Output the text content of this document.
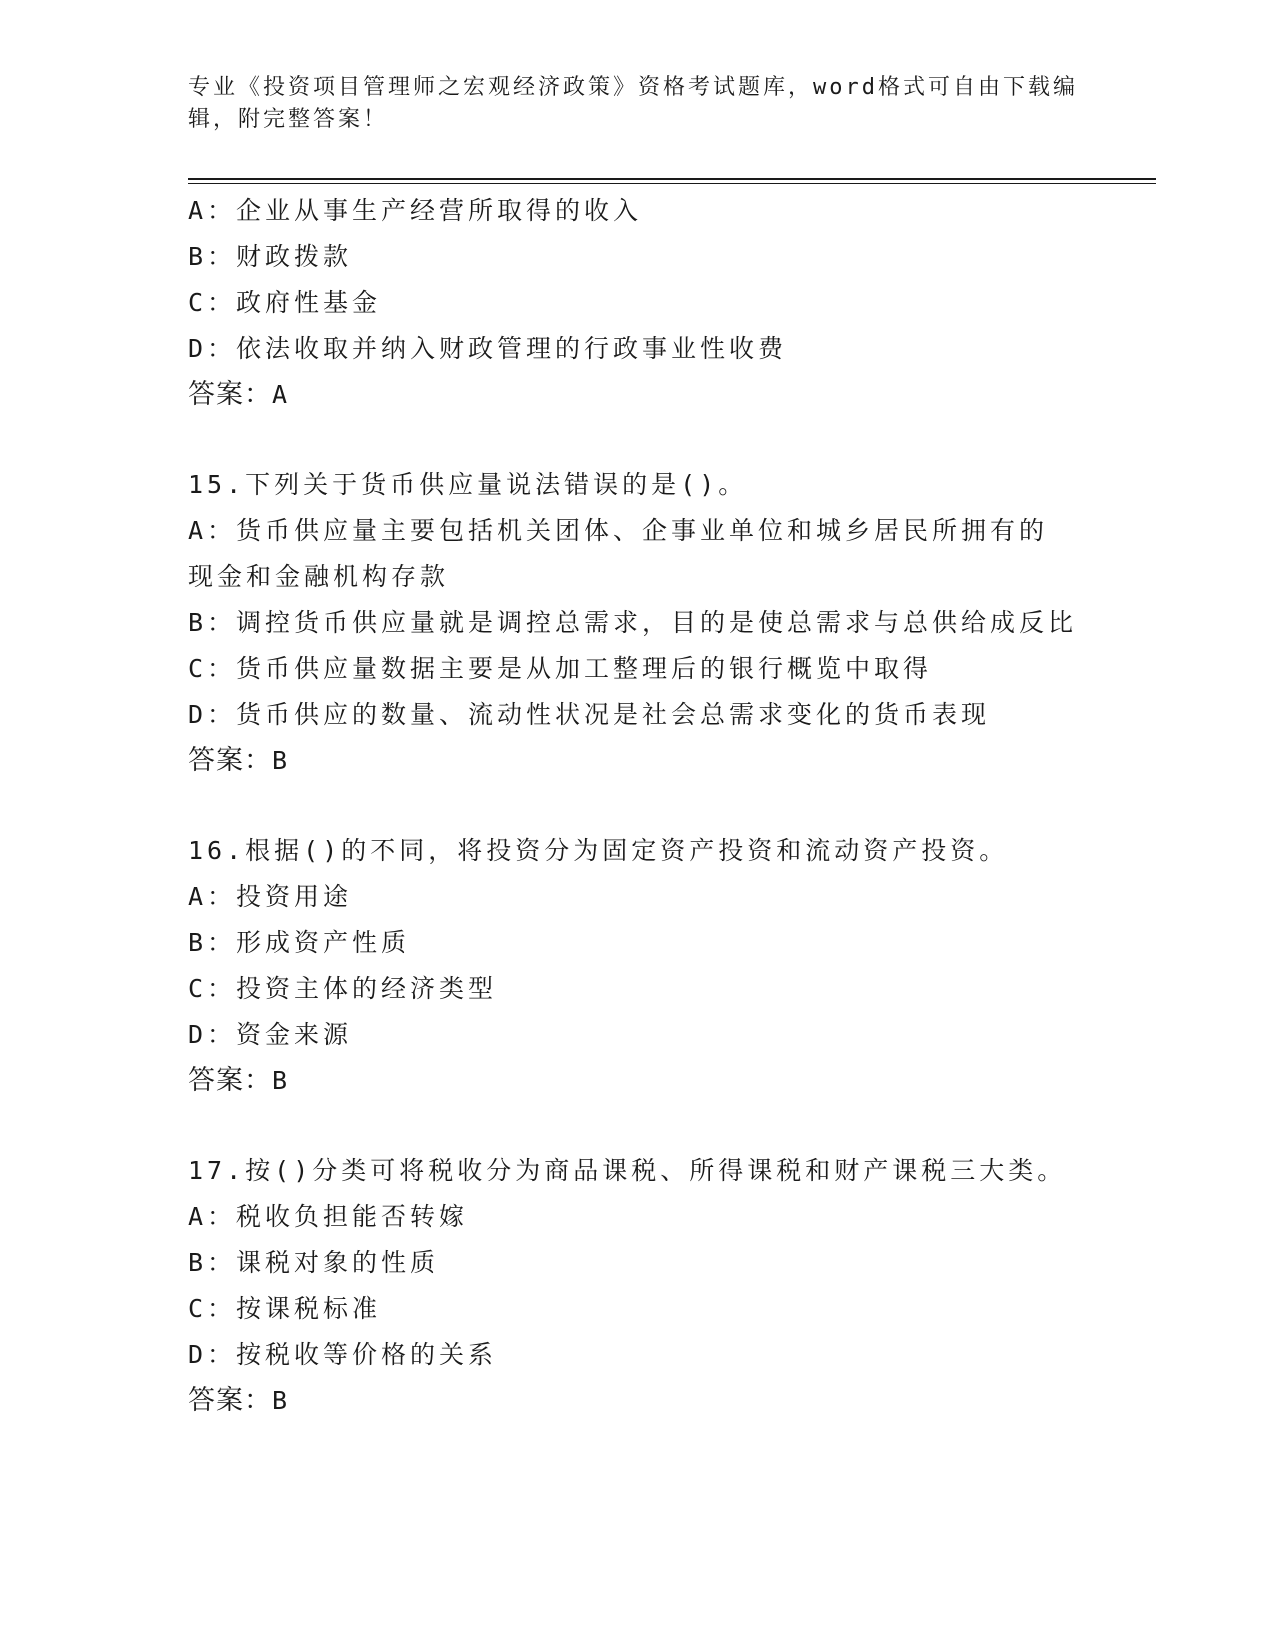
专业《投资项目管理师之宏观经济政策》资格考试题库，word格式可自由下载编辑，附完整答案！
A：企业从事生产经营所取得的收入
B：财政拨款
C：政府性基金
D：依法收取并纳入财政管理的行政事业性收费
答案：A
15.下列关于货币供应量说法错误的是()。
A：货币供应量主要包括机关团体、企事业单位和城乡居民所拥有的现金和金融机构存款
B：调控货币供应量就是调控总需求，目的是使总需求与总供给成反比
C：货币供应量数据主要是从加工整理后的银行概览中取得
D：货币供应的数量、流动性状况是社会总需求变化的货币表现
答案：B
16.根据()的不同，将投资分为固定资产投资和流动资产投资。
A：投资用途
B：形成资产性质
C：投资主体的经济类型
D：资金来源
答案：B
17.按()分类可将税收分为商品课税、所得课税和财产课税三大类。
A：税收负担能否转嫁
B：课税对象的性质
C：按课税标准
D：按税收等价格的关系
答案：B
